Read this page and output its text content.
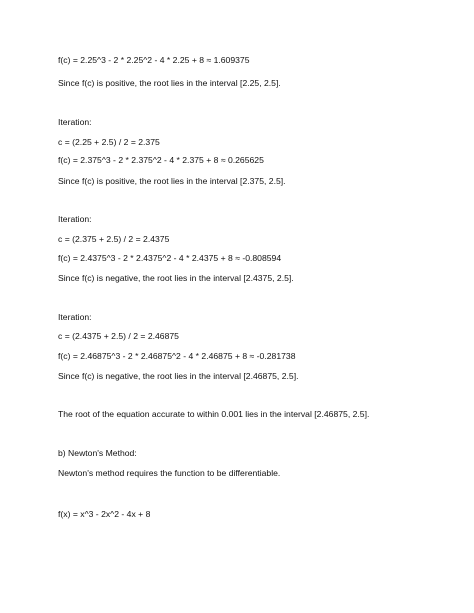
f(c) = 2.25^3 - 2 * 2.25^2 - 4 * 2.25 + 8 ≈ 1.609375
Since f(c) is positive, the root lies in the interval [2.25, 2.5].
Iteration:
c = (2.25 + 2.5) / 2 = 2.375
f(c) = 2.375^3 - 2 * 2.375^2 - 4 * 2.375 + 8 ≈ 0.265625
Since f(c) is positive, the root lies in the interval [2.375, 2.5].
Iteration:
c = (2.375 + 2.5) / 2 = 2.4375
f(c) = 2.4375^3 - 2 * 2.4375^2 - 4 * 2.4375 + 8 ≈ -0.808594
Since f(c) is negative, the root lies in the interval [2.4375, 2.5].
Iteration:
c = (2.4375 + 2.5) / 2 = 2.46875
f(c) = 2.46875^3 - 2 * 2.46875^2 - 4 * 2.46875 + 8 ≈ -0.281738
Since f(c) is negative, the root lies in the interval [2.46875, 2.5].
The root of the equation accurate to within 0.001 lies in the interval [2.46875, 2.5].
b) Newton's Method:
Newton's method requires the function to be differentiable.
f(x) = x^3 - 2x^2 - 4x + 8
